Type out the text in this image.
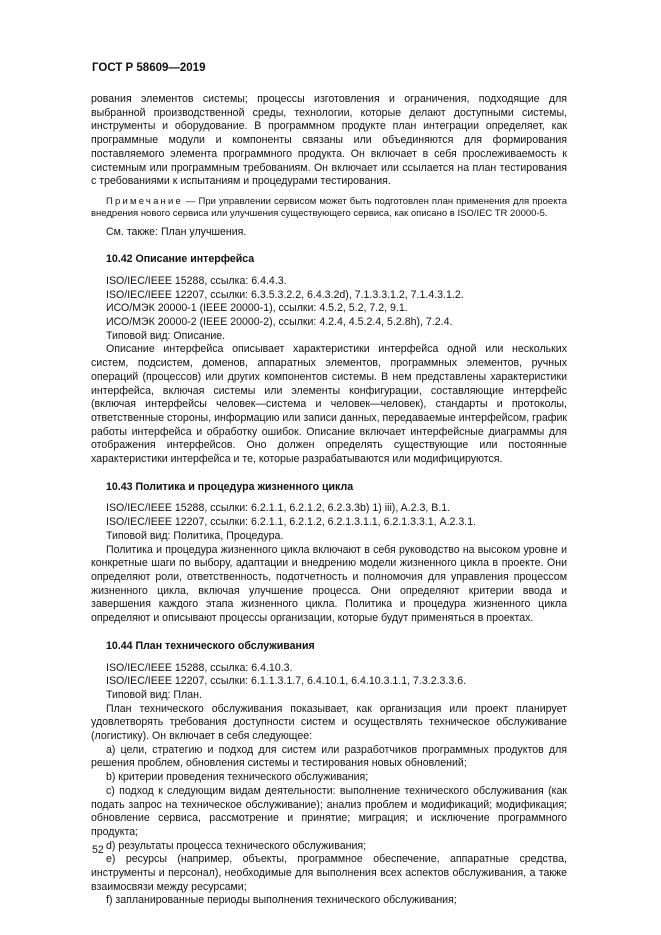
ГОСТ Р 58609—2019

рования элементов системы; процессы изготовления и ограничения, подходящие для выбранной производственной среды, технологии, которые делают доступными системы, инструменты и оборудование. В программном продукте план интеграции определяет, как программные модули и компоненты связаны или объединяются для формирования поставляемого элемента программного продукта. Он включает в себя прослеживаемость к системным или программным требованиям. Он включает или ссылается на план тестирования с требованиями к испытаниям и процедурами тестирования.

Примечание — При управлении сервисом может быть подготовлен план применения для проекта внедрения нового сервиса или улучшения существующего сервиса, как описано в ISO/IEC TR 20000-5.

См. также: План улучшения.

10.42 Описание интерфейса

ISO/IEC/IEEE 15288, ссылка: 6.4.4.3.

ISO/IEC/IEEE 12207, ссылки: 6.3.5.3.2.2, 6.4.3.2d), 7.1.3.3.1.2, 7.1.4.3.1.2.

ИСО/МЭК 20000-1 (IEEE 20000-1), ссылки: 4.5.2, 5.2, 7.2, 9.1.

ИСО/МЭК 20000-2 (IEEE 20000-2), ссылки: 4.2.4, 4.5.2.4, 5.2.8h), 7.2.4.

Типовой вид: Описание.

Описание интерфейса описывает характеристики интерфейса одной или нескольких систем, подсистем, доменов, аппаратных элементов, программных элементов, ручных операций (процессов) или других компонентов системы. В нем представлены характеристики интерфейса, включая системы или элементы конфигурации, составляющие интерфейс (включая интерфейсы человек—система и человек—человек), стандарты и протоколы, ответственные стороны, информацию или записи данных, передаваемые интерфейсом, график работы интерфейса и обработку ошибок. Описание включает интерфейсные диаграммы для отображения интерфейсов. Оно должен определять существующие или постоянные характеристики интерфейса и те, которые разрабатываются или модифицируются.

10.43 Политика и процедура жизненного цикла

ISO/IEC/IEEE 15288, ссылки: 6.2.1.1, 6.2.1.2, 6.2.3.3b) 1) iii), A.2.3, B.1.

ISO/IEC/IEEE 12207, ссылки: 6.2.1.1, 6.2.1.2, 6.2.1.3.1.1, 6.2.1.3.3.1, A.2.3.1.

Типовой вид: Политика, Процедура.

Политика и процедура жизненного цикла включают в себя руководство на высоком уровне и конкретные шаги по выбору, адаптации и внедрению модели жизненного цикла в проекте. Они определяют роли, ответственность, подотчетность и полномочия для управления процессом жизненного цикла, включая улучшение процесса. Они определяют критерии ввода и завершения каждого этапа жизненного цикла. Политика и процедура жизненного цикла определяют и описывают процессы организации, которые будут применяться в проектах.

10.44 План технического обслуживания

ISO/IEC/IEEE 15288, ссылка: 6.4.10.3.

ISO/IEC/IEEE 12207, ссылки: 6.1.1.3.1.7, 6.4.10.1, 6.4.10.3.1.1, 7.3.2.3.3.6.

Типовой вид: План.

План технического обслуживания показывает, как организация или проект планирует удовлетворять требования доступности систем и осуществлять техническое обслуживание (логистику). Он включает в себя следующее:

a) цели, стратегию и подход для систем или разработчиков программных продуктов для решения проблем, обновления системы и тестирования новых обновлений;

b) критерии проведения технического обслуживания;

c) подход к следующим видам деятельности: выполнение технического обслуживания (как подать запрос на техническое обслуживание); анализ проблем и модификаций; модификация; обновление сервиса, рассмотрение и принятие; миграция; и исключение программного продукта;

d) результаты процесса технического обслуживания;

e) ресурсы (например, объекты, программное обеспечение, аппаратные средства, инструменты и персонал), необходимые для выполнения всех аспектов обслуживания, а также взаимосвязи между ресурсами;

f) запланированные периоды выполнения технического обслуживания;

52
